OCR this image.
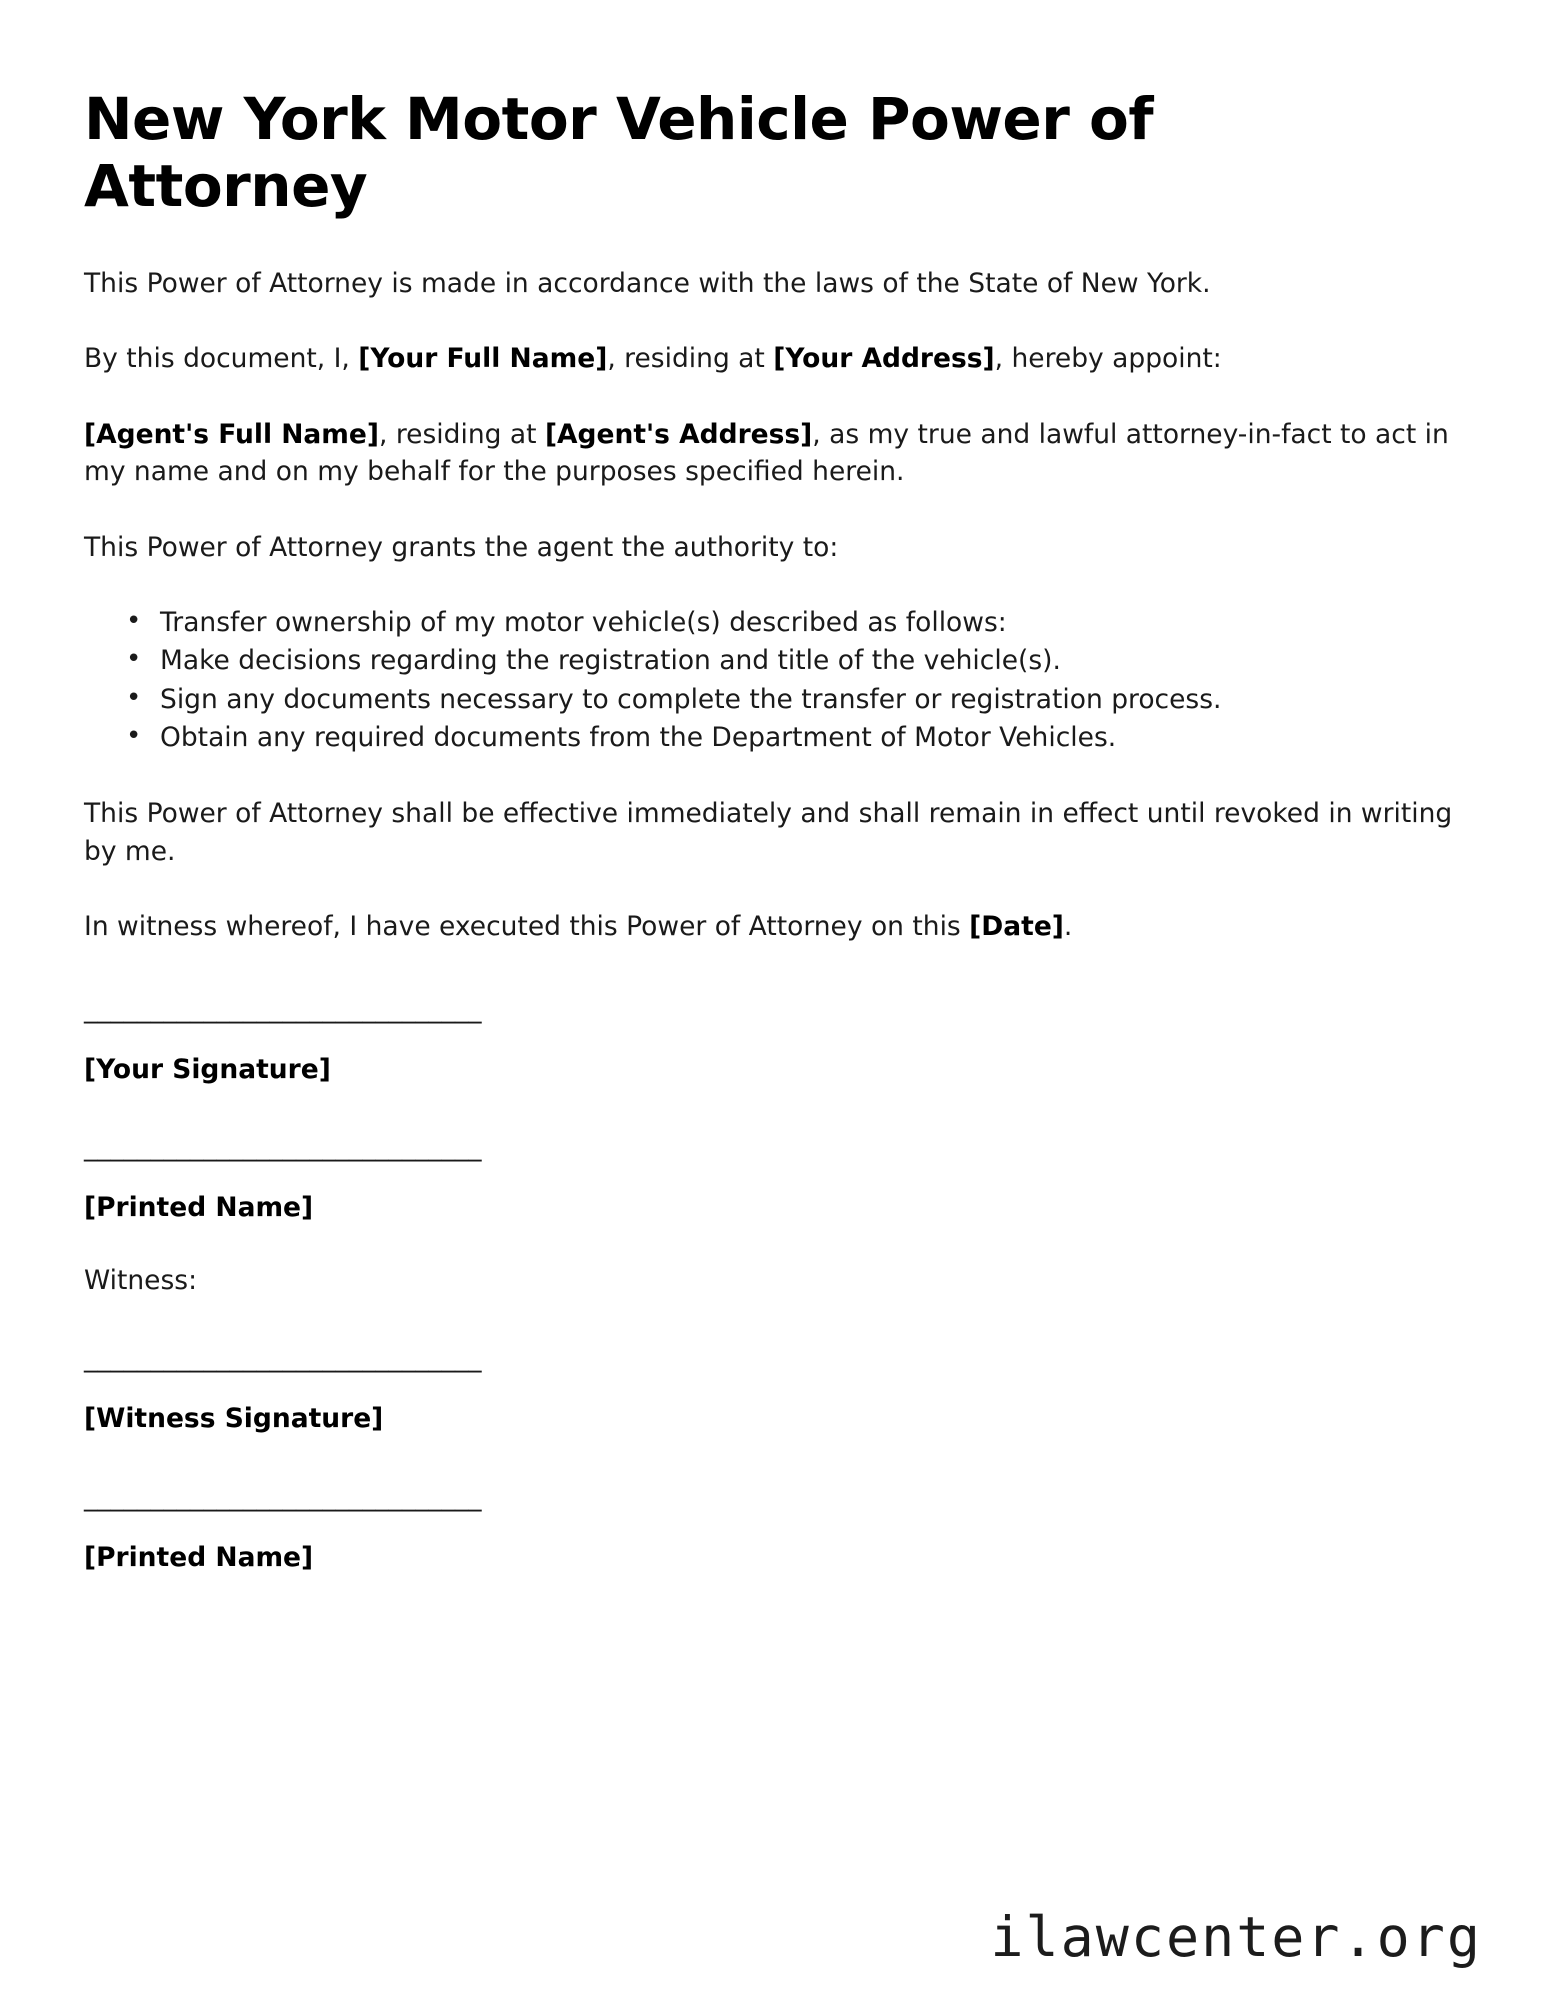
New York Motor Vehicle Power of Attorney

This Power of Attorney is made in accordance with the laws of the State of New York.

By this document, I, [Your Full Name], residing at [Your Address], hereby appoint:

[Agent's Full Name], residing at [Agent's Address], as my true and lawful attorney-in-fact to act in my name and on my behalf for the purposes specified herein.

This Power of Attorney grants the agent the authority to:

• Transfer ownership of my motor vehicle(s) described as follows:
• Make decisions regarding the registration and title of the vehicle(s).
• Sign any documents necessary to complete the transfer or registration process.
• Obtain any required documents from the Department of Motor Vehicles.

This Power of Attorney shall be effective immediately and shall remain in effect until revoked in writing by me.

In witness whereof, I have executed this Power of Attorney on this [Date].

______________________________
[Your Signature]
______________________________
[Printed Name]

Witness:

______________________________
[Witness Signature]
______________________________
[Printed Name]
ilawcenter.org
